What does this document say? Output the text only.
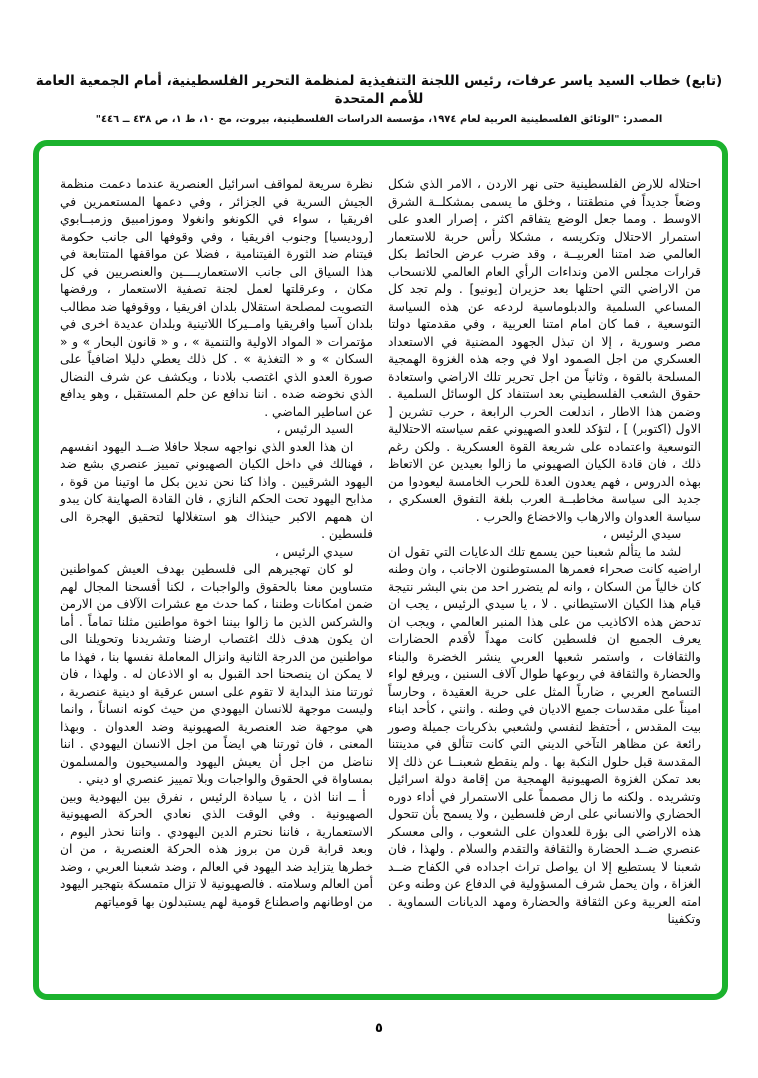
(تابع) خطاب السيد ياسر عرفات، رئيس اللجنة التنفيذية لمنظمة التحرير الفلسطينية، أمام الجمعية العامة للأمم المتحدة
المصدر: "الوثائق الفلسطينية العربية لعام ١٩٧٤، مؤسسة الدراسات الفلسطينية، بيروت، مج ١٠، ط ١، ص ٤٣٨ ــ ٤٤٦"

احتلاله للارض الفلسطينية حتى نهر الاردن ، الامر الذي شكل وضعاً جديداً في منطقتنا ، وخلق ما يسمى بمشكلــة الشرق الاوسط . ومما جعل الوضع يتفاقم اكثر ، إصرار العدو على استمرار الاحتلال وتكريسه ، مشكلا رأس حربة للاستعمار العالمي ضد امتنا العربيــة ، وقد ضرب عرض الحائط بكل قرارات مجلس الامن ونداءات الرأي العام العالمي للانسحاب من الاراضي التي احتلها بعد حزيران [يونيو] . ولم تجد كل المساعي السلمية والدبلوماسية لردعه عن هذه السياسة التوسعية ، فما كان امام امتنا العربية ، وفي مقدمتها دولتا مصر وسورية ، إلا ان تبذل الجهود المضنية في الاستعداد العسكري من اجل الصمود اولا في وجه هذه الغزوة الهمجية المسلحة بالقوة ، وثانياً من اجل تحرير تلك الاراضي واستعادة حقوق الشعب الفلسطيني بعد استنفاد كل الوسائل السلمية . وضمن هذا الاطار ، اندلعت الحرب الرابعة ، حرب تشرين [ الاول (اكتوبر) ] ، لتؤكد للعدو الصهيوني عقم سياسته الاحتلالية التوسعية واعتماده على شريعة القوة العسكرية . ولكن رغم ذلك ، فان قادة الكيان الصهيوني ما زالوا بعيدين عن الاتعاظ بهذه الدروس ، فهم يعدون العدة للحرب الخامسة ليعودوا من جديد الى سياسة مخاطبــة العرب بلغة التفوق العسكري ، سياسة العدوان والارهاب والاخضاع والحرب .

سيدي الرئيس ،

لشد ما يتألم شعبنا حين يسمع تلك الدعايات التي تقول ان اراضيه كانت صحراء فعمرها المستوطنون الاجانب ، وان وطنه كان خالياً من السكان ، وانه لم يتضرر احد من بني البشر نتيجة قيام هذا الكيان الاستيطاني . لا ، يا سيدي الرئيس ، يجب ان تدحض هذه الاكاذيب من على هذا المنبر العالمي ، ويجب ان يعرف الجميع ان فلسطين كانت مهداً لأقدم الحضارات والثقافات ، واستمر شعبها العربي ينشر الخضرة والبناء والحضارة والثقافة في ربوعها طوال آلاف السنين ، ويرفع لواء التسامح العربي ، ضارباً المثل على حرية العقيدة ، وحارساً اميناً على مقدسات جميع الاديان في وطنه . وانني ، كأحد ابناء بيت المقدس ، أحتفظ لنفسي ولشعبي بذكريات جميلة وصور رائعة عن مظاهر التآخي الديني التي كانت تتألق في مدينتنا المقدسة قبل حلول النكبة بها . ولم ينقطع شعبنــا عن ذلك إلا بعد تمكن الغزوة الصهيونية الهمجية من إقامة دولة اسرائيل وتشريده . ولكنه ما زال مصمماً على الاستمرار في أداء دوره الحضاري والانساني على ارض فلسطين ، ولا يسمح بأن تتحول هذه الاراضي الى بؤرة للعدوان على الشعوب ، والى معسكر عنصري ضــد الحضارة والثقافة والتقدم والسلام . ولهذا ، فان شعبنا لا يستطيع إلا ان يواصل تراث اجداده في الكفاح ضــد الغزاة ، وان يحمل شرف المسؤولية في الدفاع عن وطنه وعن امته العربية وعن الثقافة والحضارة ومهد الديانات السماوية . وتكفينا

نظرة سريعة لمواقف اسرائيل العنصرية عندما دعمت منظمة الجيش السرية في الجزائر ، وفي دعمها المستعمرين في افريقيا ، سواء في الكونغو وانغولا وموزامبيق وزمبــابوي [روديسيا] وجنوب افريقيا ، وفي وقوفها الى جانب حكومة فيتنام ضد الثورة الفيتنامية ، فضلا عن مواقفها المتتابعة في هذا السياق الى جانب الاستعماريــــين والعنصريين في كل مكان ، وعرقلتها لعمل لجنة تصفية الاستعمار ، ورفضها التصويت لمصلحة استقلال بلدان افريقيا ، ووقوفها ضد مطالب بلدان آسيا وافريقيا وامــيركا اللاتينية وبلدان عديدة اخرى في مؤتمرات « المواد الاولية والتنمية » ، و « قانون البحار » و « السكان » و « التغذية » . كل ذلك يعطي دليلا اضافياً على صورة العدو الذي اغتصب بلادنا ، ويكشف عن شرف النضال الذي نخوضه ضده . اننا ندافع عن حلم المستقبل ، وهو يدافع عن اساطير الماضي .

السيد الرئيس ،

ان هذا العدو الذي نواجهه سجلا حافلا ضــد اليهود انفسهم ، فهنالك في داخل الكيان الصهيوني تمييز عنصري بشع ضد اليهود الشرقيين . واذا كنا نحن ندين بكل ما اوتينا من قوة ، مذابح اليهود تحت الحكم النازي ، فان القادة الصهاينة كان يبدو ان همهم الاكبر حينذاك هو استغلالها لتحقيق الهجرة الى فلسطين .

سيدي الرئيس ،

لو كان تهجيرهم الى فلسطين بهدف العيش كمواطنين متساوين معنا بالحقوق والواجبات ، لكنا أفسحنا المجال لهم ضمن امكانات وطننا ، كما حدث مع عشرات الآلاف من الارمن والشركس الذين ما زالوا بيننا اخوة مواطنين مثلنا تماماً . أما ان يكون هدف ذلك اغتصاب ارضنا وتشريدنا وتحويلنا الى مواطنين من الدرجة الثانية وانزال المعاملة نفسها بنا ، فهذا ما لا يمكن ان ينصحنا احد القبول به او الاذعان له . ولهذا ، فان ثورتنا منذ البداية لا تقوم على اسس عرقية او دينية عنصرية ، وليست موجهة للانسان اليهودي من حيث كونه انساناً ، وانما هي موجهة ضد العنصرية الصهيونية وضد العدوان . وبهذا المعنى ، فان ثورتنا هي ايضاً من اجل الانسان اليهودي . اننا نناضل من اجل أن يعيش اليهود والمسيحيون والمسلمون بمساواة في الحقوق والواجبات وبلا تمييز عنصري او ديني .

أ ــ اننا اذن ، يا سيادة الرئيس ، نفرق بين اليهودية وبين الصهيونية . وفي الوقت الذي نعادي الحركة الصهيونية الاستعمارية ، فاننا نحترم الدين اليهودي . واننا نحذر اليوم ، وبعد قرابة قرن من بروز هذه الحركة العنصرية ، من ان خطرها يتزايد ضد اليهود في العالم ، وضد شعبنا العربي ، وضد أمن العالم وسلامته . فالصهيونية لا تزال متمسكة بتهجير اليهود من اوطانهم واصطناع قومية لهم يستبدلون بها قومياتهم

٥
